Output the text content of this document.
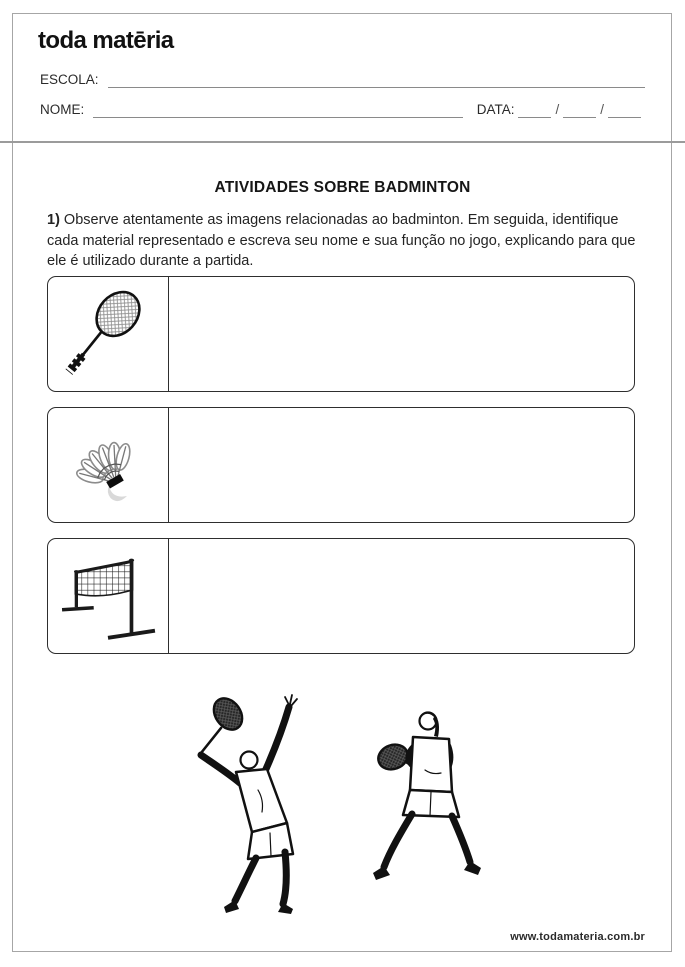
toda matēria
ESCOLA:
NOME:	DATA:	/	/
ATIVIDADES SOBRE BADMINTON
1) Observe atentamente as imagens relacionadas ao badminton. Em seguida, identifique cada material representado e escreva seu nome e sua função no jogo, explicando para que ele é utilizado durante a partida.
www.todamateria.com.br
